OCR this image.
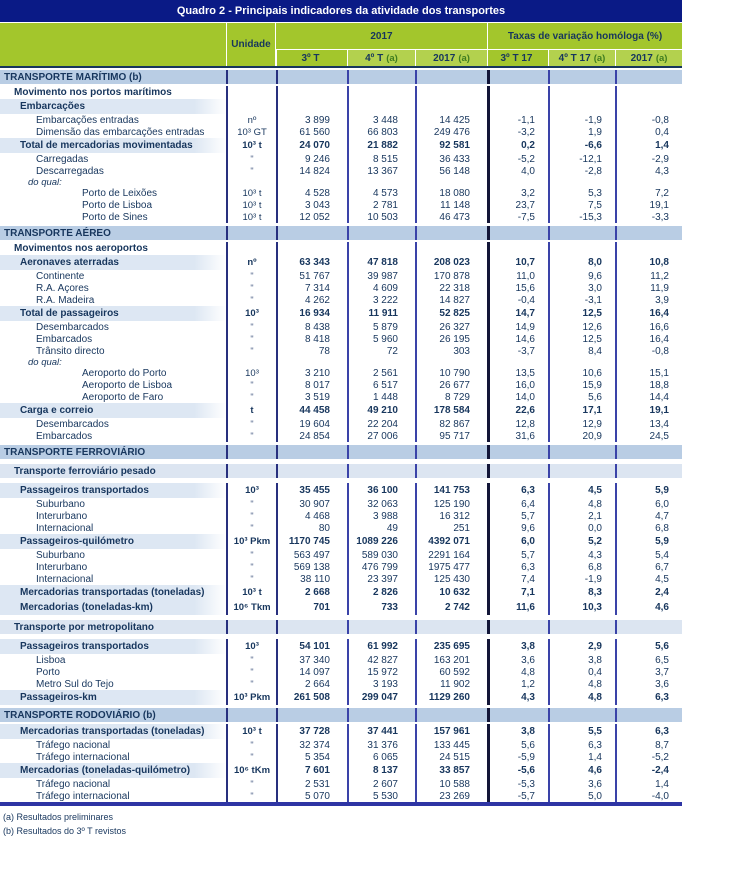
Quadro 2 - Principais indicadores da atividade dos transportes
Unidade
2017	Taxas de variação homóloga (%)
3º T	4º T (a)	2017 (a)	3º T 17	4º T 17 (a)	2017 (a)
TRANSPORTE MARÍTIMO (b)
Movimento nos portos marítimos
Embarcações
Embarcações entradas	nº	3 899	3 448	14 425	-1,1	-1,9	-0,8
Dimensão das embarcações entradas	10³ GT	61 560	66 803	249 476	-3,2	1,9	0,4
Total de mercadorias movimentadas	10³ t	24 070	21 882	92 581	0,2	-6,6	1,4
Carregadas	"	9 246	8 515	36 433	-5,2	-12,1	-2,9
Descarregadas	"	14 824	13 367	56 148	4,0	-2,8	4,3
do qual:
Porto de Leixões	10³ t	4 528	4 573	18 080	3,2	5,3	7,2
Porto de Lisboa	10³ t	3 043	2 781	11 148	23,7	7,5	19,1
Porto de Sines	10³ t	12 052	10 503	46 473	-7,5	-15,3	-3,3
TRANSPORTE AÉREO
Movimentos nos aeroportos
Aeronaves aterradas	nº	63 343	47 818	208 023	10,7	8,0	10,8
Continente	"	51 767	39 987	170 878	11,0	9,6	11,2
R.A. Açores	"	7 314	4 609	22 318	15,6	3,0	11,9
R.A. Madeira	"	4 262	3 222	14 827	-0,4	-3,1	3,9
Total de passageiros	10³	16 934	11 911	52 825	14,7	12,5	16,4
Desembarcados	"	8 438	5 879	26 327	14,9	12,6	16,6
Embarcados	"	8 418	5 960	26 195	14,6	12,5	16,4
Trânsito directo	"	78	72	303	-3,7	8,4	-0,8
do qual:
Aeroporto do Porto	10³	3 210	2 561	10 790	13,5	10,6	15,1
Aeroporto de Lisboa	"	8 017	6 517	26 677	16,0	15,9	18,8
Aeroporto de Faro	"	3 519	1 448	8 729	14,0	5,6	14,4
Carga e correio	t	44 458	49 210	178 584	22,6	17,1	19,1
Desembarcados	"	19 604	22 204	82 867	12,8	12,9	13,4
Embarcados	"	24 854	27 006	95 717	31,6	20,9	24,5
TRANSPORTE FERROVIÁRIO
Transporte ferroviário pesado
Passageiros transportados	10³	35 455	36 100	141 753	6,3	4,5	5,9
Suburbano	"	30 907	32 063	125 190	6,4	4,8	6,0
Interurbano	"	4 468	3 988	16 312	5,7	2,1	4,7
Internacional	"	80	49	251	9,6	0,0	6,8
Passageiros-quilómetro	10³ Pkm	1170 745	1089 226	4392 071	6,0	5,2	5,9
Suburbano	"	563 497	589 030	2291 164	5,7	4,3	5,4
Interurbano	"	569 138	476 799	1975 477	6,3	6,8	6,7
Internacional	"	38 110	23 397	125 430	7,4	-1,9	4,5
Mercadorias transportadas (toneladas)	10³ t	2 668	2 826	10 632	7,1	8,3	2,4
Mercadorias (toneladas-km)	10⁶ Tkm	701	733	2 742	11,6	10,3	4,6
Transporte por metropolitano
Passageiros transportados	10³	54 101	61 992	235 695	3,8	2,9	5,6
Lisboa	"	37 340	42 827	163 201	3,6	3,8	6,5
Porto	"	14 097	15 972	60 592	4,8	0,4	3,7
Metro Sul do Tejo	"	2 664	3 193	11 902	1,2	4,8	3,6
Passageiros-km	10³ Pkm	261 508	299 047	1129 260	4,3	4,8	6,3
TRANSPORTE RODOVIÁRIO (b)
Mercadorias transportadas (toneladas)	10³ t	37 728	37 441	157 961	3,8	5,5	6,3
Tráfego nacional	"	32 374	31 376	133 445	5,6	6,3	8,7
Tráfego internacional	"	5 354	6 065	24 515	-5,9	1,4	-5,2
Mercadorias (toneladas-quilómetro)	10⁶ tKm	7 601	8 137	33 857	-5,6	4,6	-2,4
Tráfego nacional	"	2 531	2 607	10 588	-5,3	3,6	1,4
Tráfego internacional	"	5 070	5 530	23 269	-5,7	5,0	-4,0
(a) Resultados preliminares
(b) Resultados do 3º T revistos
